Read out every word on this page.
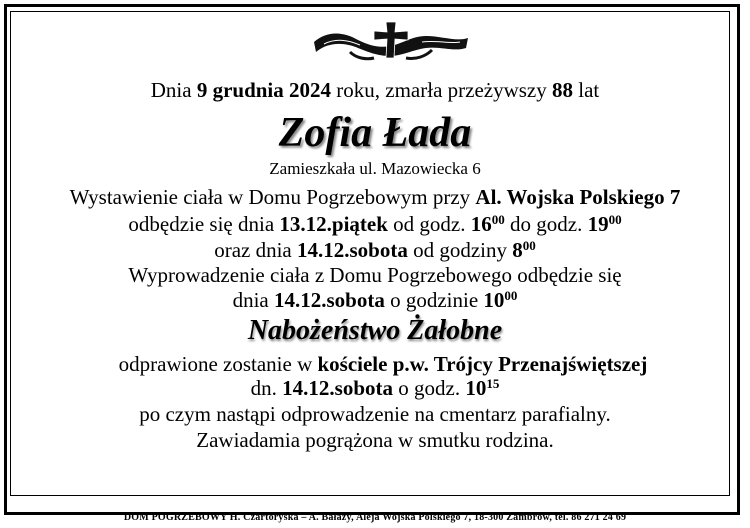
Dnia 9 grudnia 2024 roku, zmarła przeżywszy 88 lat
Zofia Łada
Zamieszkała ul. Mazowiecka 6
Wystawienie ciała w Domu Pogrzebowym przy Al. Wojska Polskiego 7
odbędzie się dnia 13.12.piątek od godz. $16^{00}$ do godz. $19^{00}$
oraz dnia 14.12.sobota od godziny $8^{00}$
Wyprowadzenie ciała z Domu Pogrzebowego odbędzie się
dnia 14.12.sobota o godzinie $10^{00}$
Nabożeństwo Żałobne
odprawione zostanie w kościele p.w. Trójcy Przenajświętszej
dn. 14.12.sobota o godz. $10^{15}$
po czym nastąpi odprowadzenie na cmentarz parafialny.
Zawiadamia pogrążona w smutku rodzina.
DOM POGRZEBOWY H. Czartoryska – A. Bałazy, Aleja Wojska Polskiego 7, 18-300 Zambrów, tel. 86 271 24 69
